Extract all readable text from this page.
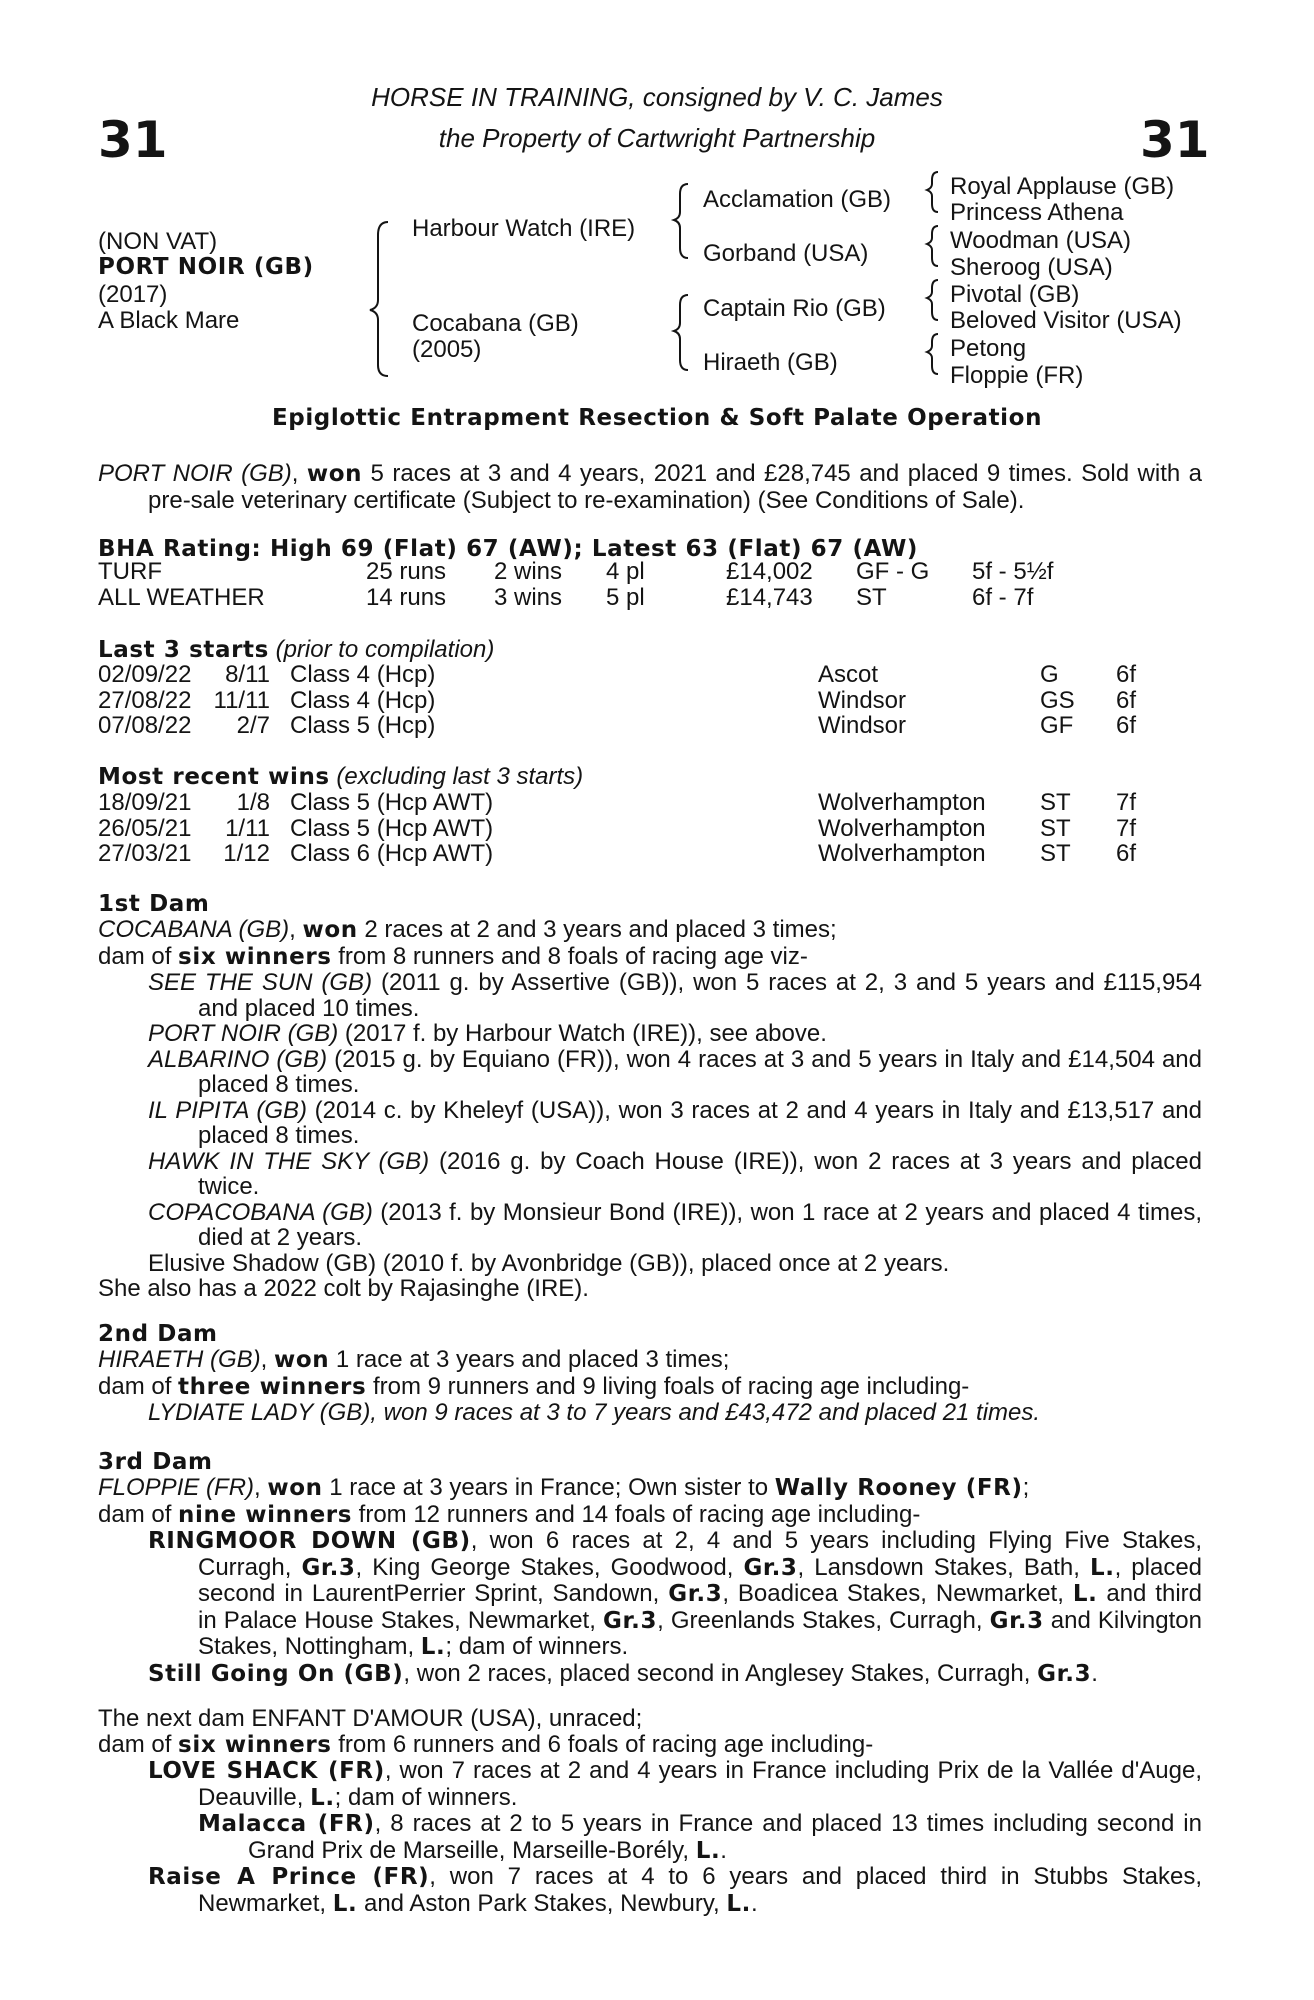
31	31
HORSE IN TRAINING, consigned by V. C. James
the Property of Cartwright Partnership
(NON VAT)
PORT NOIR (GB)
(2017)
A Black Mare
Harbour Watch (IRE)
Cocabana (GB)
(2005)
Acclamation (GB)
Gorband (USA)
Captain Rio (GB)
Hiraeth (GB)
Royal Applause (GB)
Princess Athena
Woodman (USA)
Sheroog (USA)
Pivotal (GB)
Beloved Visitor (USA)
Petong
Floppie (FR)
Epiglottic Entrapment Resection & Soft Palate Operation
PORT NOIR (GB), won 5 races at 3 and 4 years, 2021 and £28,745 and placed 9 times. Sold with a pre-sale veterinary certificate (Subject to re-examination) (See Conditions of Sale).
BHA Rating: High 69 (Flat) 67 (AW); Latest 63 (Flat) 67 (AW)
Last 3 starts (prior to compilation)
Most recent wins (excluding last 3 starts)
1st Dam
COCABANA (GB), won 2 races at 2 and 3 years and placed 3 times;
dam of six winners from 8 runners and 8 foals of racing age viz-
SEE THE SUN (GB) (2011 g. by Assertive (GB)), won 5 races at 2, 3 and 5 years and £115,954 and placed 10 times.
PORT NOIR (GB) (2017 f. by Harbour Watch (IRE)), see above.
ALBARINO (GB) (2015 g. by Equiano (FR)), won 4 races at 3 and 5 years in Italy and £14,504 and placed 8 times.
IL PIPITA (GB) (2014 c. by Kheleyf (USA)), won 3 races at 2 and 4 years in Italy and £13,517 and placed 8 times.
HAWK IN THE SKY (GB) (2016 g. by Coach House (IRE)), won 2 races at 3 years and placed twice.
COPACOBANA (GB) (2013 f. by Monsieur Bond (IRE)), won 1 race at 2 years and placed 4 times, died at 2 years.
Elusive Shadow (GB) (2010 f. by Avonbridge (GB)), placed once at 2 years.
She also has a 2022 colt by Rajasinghe (IRE).
2nd Dam
HIRAETH (GB), won 1 race at 3 years and placed 3 times;
dam of three winners from 9 runners and 9 living foals of racing age including-
LYDIATE LADY (GB), won 9 races at 3 to 7 years and £43,472 and placed 21 times.
3rd Dam
FLOPPIE (FR), won 1 race at 3 years in France; Own sister to Wally Rooney (FR);
dam of nine winners from 12 runners and 14 foals of racing age including-
RINGMOOR DOWN (GB), won 6 races at 2, 4 and 5 years including Flying Five Stakes, Curragh, Gr.3, King George Stakes, Goodwood, Gr.3, Lansdown Stakes, Bath, L., placed second in LaurentPerrier Sprint, Sandown, Gr.3, Boadicea Stakes, Newmarket, L. and third in Palace House Stakes, Newmarket, Gr.3, Greenlands Stakes, Curragh, Gr.3 and Kilvington Stakes, Nottingham, L.; dam of winners.
Still Going On (GB), won 2 races, placed second in Anglesey Stakes, Curragh, Gr.3.
The next dam ENFANT D'AMOUR (USA), unraced;
dam of six winners from 6 runners and 6 foals of racing age including-
LOVE SHACK (FR), won 7 races at 2 and 4 years in France including Prix de la Vallée d'Auge, Deauville, L.; dam of winners.
Malacca (FR), 8 races at 2 to 5 years in France and placed 13 times including second in Grand Prix de Marseille, Marseille-Borély, L..
Raise A Prince (FR), won 7 races at 4 to 6 years and placed third in Stubbs Stakes, Newmarket, L. and Aston Park Stakes, Newbury, L..
TURF	25 runs 2 wins 4 pl	£14,002 GF - G 5f - 5½f
ALL WEATHER	14 runs 3 wins 5 pl	£14,743 ST	6f - 7f
02/09/22	8/11 Class 4 (Hcp)	Ascot	G 6f
27/08/22 11/11 Class 4 (Hcp)	Windsor	GS 6f
07/08/22	2/7 Class 5 (Hcp)	Windsor	GF 6f
18/09/21	1/8 Class 5 (Hcp AWT)	Wolverhampton ST 7f
26/05/21	1/11 Class 5 (Hcp AWT)	Wolverhampton ST 7f
27/03/21	1/12 Class 6 (Hcp AWT)	Wolverhampton ST 6f
